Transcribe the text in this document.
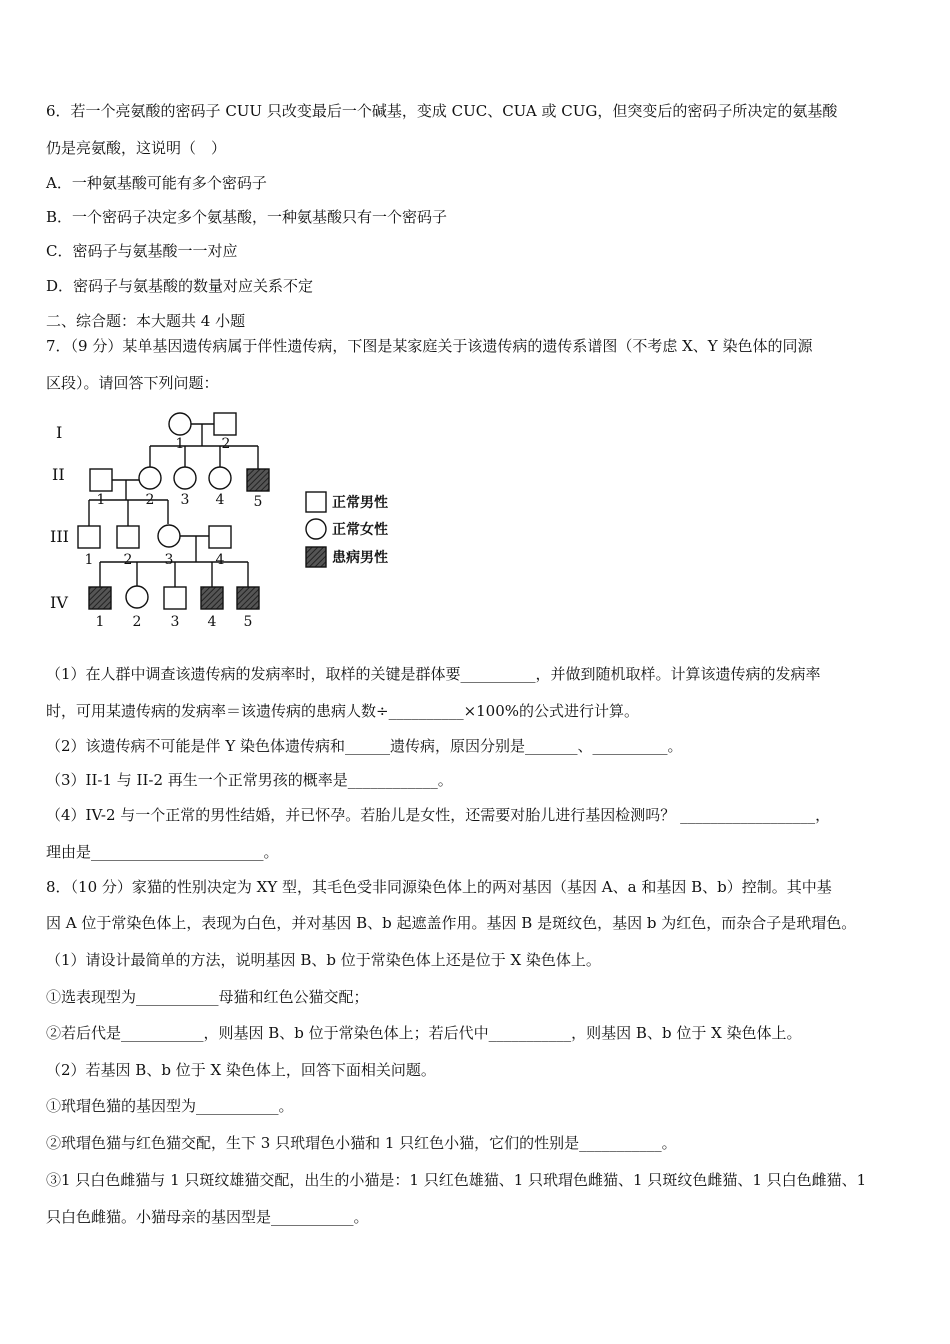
6．若一个亮氨酸的密码子 CUU 只改变最后一个碱基，变成 CUC、CUA 或 CUG，但突变后的密码子所决定的氨基酸
仍是亮氨酸，这说明（　）
A．一种氨基酸可能有多个密码子
B．一个密码子决定多个氨基酸，一种氨基酸只有一个密码子
C．密码子与氨基酸一一对应
D．密码子与氨基酸的数量对应关系不定
二、综合题：本大题共 4 小题
7．（9 分）某单基因遗传病属于伴性遗传病，下图是某家庭关于该遗传病的遗传系谱图（不考虑 X、Y 染色体的同源
区段）。请回答下列问题：
I
II
III
IV
1	2
1	2 3 4 5
1 2 3	4
1 2 3 4 5
正常男性
正常女性
患病男性
（1）在人群中调查该遗传病的发病率时，取样的关键是群体要__________，并做到随机取样。计算该遗传病的发病率
时，可用某遗传病的发病率＝该遗传病的患病人数÷__________×100%的公式进行计算。
（2）该遗传病不可能是伴 Y 染色体遗传病和______遗传病，原因分别是_______、__________。
（3）II-1 与 II-2 再生一个正常男孩的概率是____________。
（4）IV-2 与一个正常的男性结婚，并已怀孕。若胎儿是女性，还需要对胎儿进行基因检测吗？ __________________，
理由是_______________________。
8．（10 分）家猫的性别决定为 XY 型，其毛色受非同源染色体上的两对基因（基因 A、a 和基因 B、b）控制。其中基
因 A 位于常染色体上，表现为白色，并对基因 B、b 起遮盖作用。基因 B 是斑纹色，基因 b 为红色，而杂合子是玳瑁色。
（1）请设计最简单的方法，说明基因 B、b 位于常染色体上还是位于 X 染色体上。
①选表现型为___________母猫和红色公猫交配；
②若后代是___________，则基因 B、b 位于常染色体上；若后代中___________，则基因 B、b 位于 X 染色体上。
（2）若基因 B、b 位于 X 染色体上，回答下面相关问题。
①玳瑁色猫的基因型为___________。
②玳瑁色猫与红色猫交配，生下 3 只玳瑁色小猫和 1 只红色小猫，它们的性别是___________。
③1 只白色雌猫与 1 只斑纹雄猫交配，出生的小猫是：1 只红色雄猫、1 只玳瑁色雌猫、1 只斑纹色雌猫、1 只白色雌猫、1
只白色雌猫。小猫母亲的基因型是___________。
